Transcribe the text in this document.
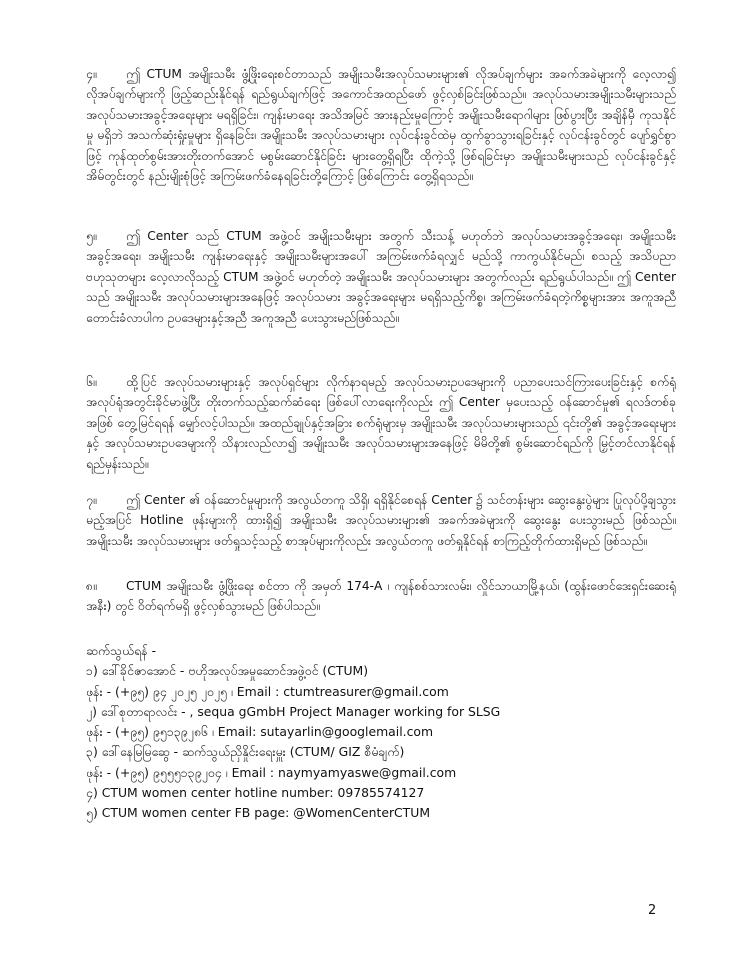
၄။ ဤ CTUM အမျိုးသမီး ဖွံ့ဖြိုးရေးစင်တာသည် အမျိုးသမီးအလုပ်သမားများ၏ လိုအပ်ချက်များ အခက်အခဲများကို လေ့လာ၍ လိုအပ်ချက်များကို ဖြည့်ဆည်းနိုင်ရန် ရည်ရွယ်ချက်ဖြင့် အကောင်အထည်ဖော် ဖွင့်လှစ်ခြင်းဖြစ်သည်။ အလုပ်သမားအမျိုးသမီးများသည် အလုပ်သမားအခွင့်အရေးများ မရရှိခြင်း၊ ကျန်းမာရေး အသိအမြင် အားနည်းမှုကြောင့် အမျိုးသမီးရောဂါများ ဖြစ်ပွားပြီး အချိန်မှီ ကုသနိုင်မှု မရှိဘဲ အသက်ဆုံးရှုံးမှုများ ရှိနေခြင်း၊ အမျိုးသမီး အလုပ်သမားများ လုပ်ငန်းခွင်ထဲမှ ထွက်ခွာသွားရခြင်းနှင့် လုပ်ငန်းခွင်တွင် ပျော်ရွှင်စွာဖြင့် ကုန်ထုတ်စွမ်းအားတိုးတက်အောင် မစွမ်းဆောင်နိုင်ခြင်း များတွေ့ရှိရပြီး ထိုကဲ့သို့ ဖြစ်ရခြင်းမှာ အမျိုးသမီးများသည် လုပ်ငန်းခွင်နှင့် အိမ်တွင်းတွင် နည်းမျိုးစုံဖြင့် အကြမ်းဖက်ခံနေရခြင်းတို့ကြောင့် ဖြစ်ကြောင်း တွေ့ရှိရသည်။
၅။ ဤ Center သည် CTUM အဖွဲ့ဝင် အမျိုးသမီးများ အတွက် သီးသန့် မဟုတ်ဘဲ အလုပ်သမားအခွင့်အရေး၊ အမျိုးသမီးအခွင့်အရေး၊ အမျိုးသမီး ကျန်းမာရေးနှင့် အမျိုးသမီးများအပေါ် အကြမ်းဖက်ခံရလျှင် မည်သို့ ကာကွယ်နိုင်မည်၊ စသည့် အသိပညာ ဗဟုသုတများ လေ့လာလိုသည့် CTUM အဖွဲ့ဝင် မဟုတ်တဲ့ အမျိုးသမီး အလုပ်သမားများ အတွက်လည်း ရည်ရွယ်ပါသည်။ ဤ Center သည် အမျိုးသမီး အလုပ်သမားများအနေဖြင့် အလုပ်သမား အခွင့်အရေးများ မရရှိသည့်ကိစ္စ၊ အကြမ်းဖက်ခံရတဲ့ကိစ္စများအား အကူအညီတောင်းခံလာပါက ဥပဒေများနှင့်အညီ အကူအညီ ပေးသွားမည်ဖြစ်သည်။
၆။ ထို့ပြင် အလုပ်သမားများနှင့် အလုပ်ရှင်များ လိုက်နာရမည့် အလုပ်သမားဥပဒေများကို ပညာပေးသင်ကြားပေးခြင်းနှင့် စက်ရုံ အလုပ်ရုံအတွင်းခိုင်မာဖွဲ့ပြီး တိုးတက်သည့်ဆက်ဆံရေး ဖြစ်ပေါ်လာရေးကိုလည်း ဤ Center မှပေးသည့် ဝန်ဆောင်မှု၏ ရလဒ်တစ်ခုအဖြစ် တွေ့မြင်ရရန် မျှော်လင့်ပါသည်။ အထည်ချုပ်နှင့်အခြား စက်ရုံများမှ အမျိုးသမီး အလုပ်သမားများသည် ၎င်းတို့၏ အခွင့်အရေးများနှင့် အလုပ်သမားဥပဒေများကို သိနားလည်လာ၍ အမျိုးသမီး အလုပ်သမားများအနေဖြင့် မိမိတို့၏ စွမ်းဆောင်ရည်ကို မြှင့်တင်လာနိုင်ရန် ရည်မှန်းသည်။
၇။ ဤ Center ၏ ဝန်ဆောင်မှုများကို အလွယ်တကူ သိရှိ၊ ရရှိနိုင်စေရန် Center ၌ သင်တန်းများ ဆွေးနွေးပွဲများ ပြုလုပ်ပို့ချသွားမည့်အပြင် Hotline ဖုန်းများကို ထားရှိ၍ အမျိုးသမီး အလုပ်သမားများ၏ အခက်အခဲများကို ဆွေးနွေး ပေးသွားမည် ဖြစ်သည်။ အမျိုးသမီး အလုပ်သမားများ ဖတ်ရှုသင့်သည့် စာအုပ်များကိုလည်း အလွယ်တကူ ဖတ်ရှုနိုင်ရန် စာကြည့်တိုက်ထားရှိမည် ဖြစ်သည်။
၈။ CTUM အမျိုးသမီး ဖွံ့ဖြိုးရေး စင်တာ ကို အမှတ် 174-A ၊ ကျန်စစ်သားလမ်း၊ လှိုင်သာယာမြို့နယ်၊ (ထွန်းဖောင်ဒေးရှင်းဆေးရုံအနီး) တွင် ဝိတ်ရက်မရှိ ဖွင့်လှစ်သွားမည် ဖြစ်ပါသည်။
ဆက်သွယ်ရန် -
၁) ဒေါ်ခိုင်ဇာအောင် - ဗဟိုအလုပ်အမှုဆောင်အဖွဲ့ဝင် (CTUM)
ဖုန်း - (+၉၅) ၉၄ ၂၀၂၅ ၂၀၂၅ ၊ Email : ctumtreasurer@gmail.com
၂) ဒေါ်စုတာရာလင်း - , sequa gGmbH Project Manager working for SLSG
ဖုန်း - (+၉၅) ၉၅၁၃၉၂၈၆ ၊ Email: sutayarlin@googlemail.com
၃) ဒေါ်နေမြမြဆွေ - ဆက်သွယ်ညှိနှိုင်းရေးမှူး (CTUM/ GIZ စီမံချက်)
ဖုန်း - (+၉၅) ၉၅၅၅၁၃၉၂၀၄ ၊ Email : naymyamyaswe@gmail.com
၄) CTUM women center hotline number: 09785574127
၅) CTUM women center FB page: @WomenCenterCTUM
2
